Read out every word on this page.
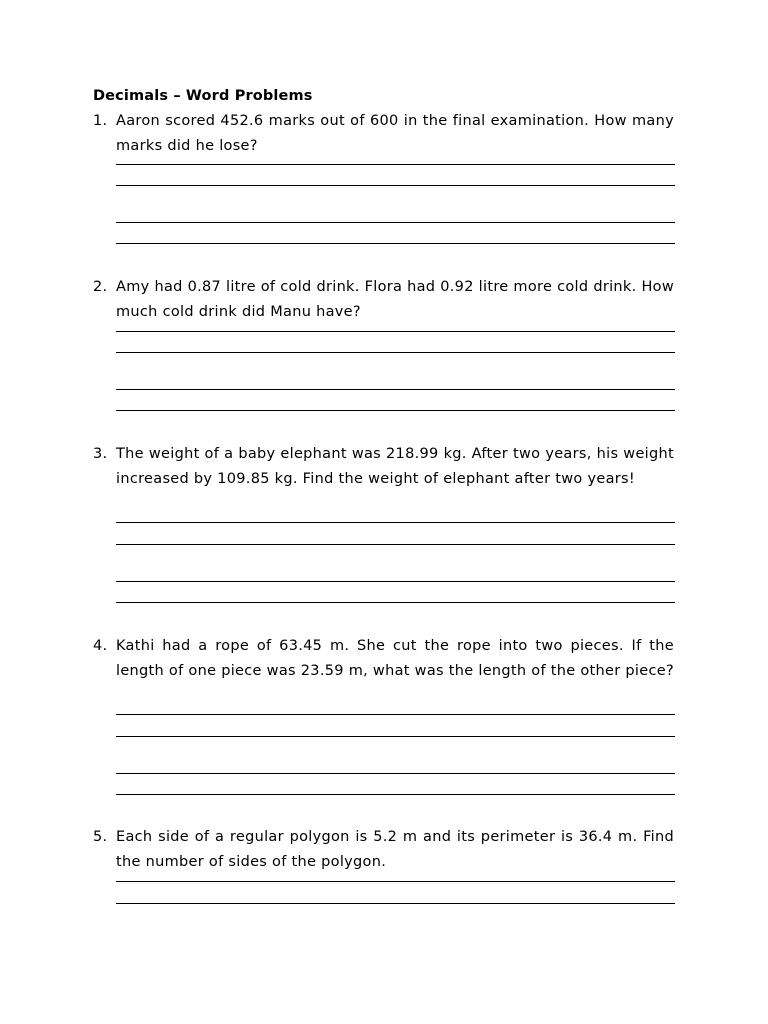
Decimals – Word Problems
1. Aaron scored 452.6 marks out of 600 in the final examination. How many marks did he lose?
2. Amy had 0.87 litre of cold drink. Flora had 0.92 litre more cold drink. How much cold drink did Manu have?
3. The weight of a baby elephant was 218.99 kg. After two years, his weight increased by 109.85 kg. Find the weight of elephant after two years!
4. Kathi had a rope of 63.45 m. She cut the rope into two pieces. If the length of one piece was 23.59 m, what was the length of the other piece?
5. Each side of a regular polygon is 5.2 m and its perimeter is 36.4 m. Find the number of sides of the polygon.
